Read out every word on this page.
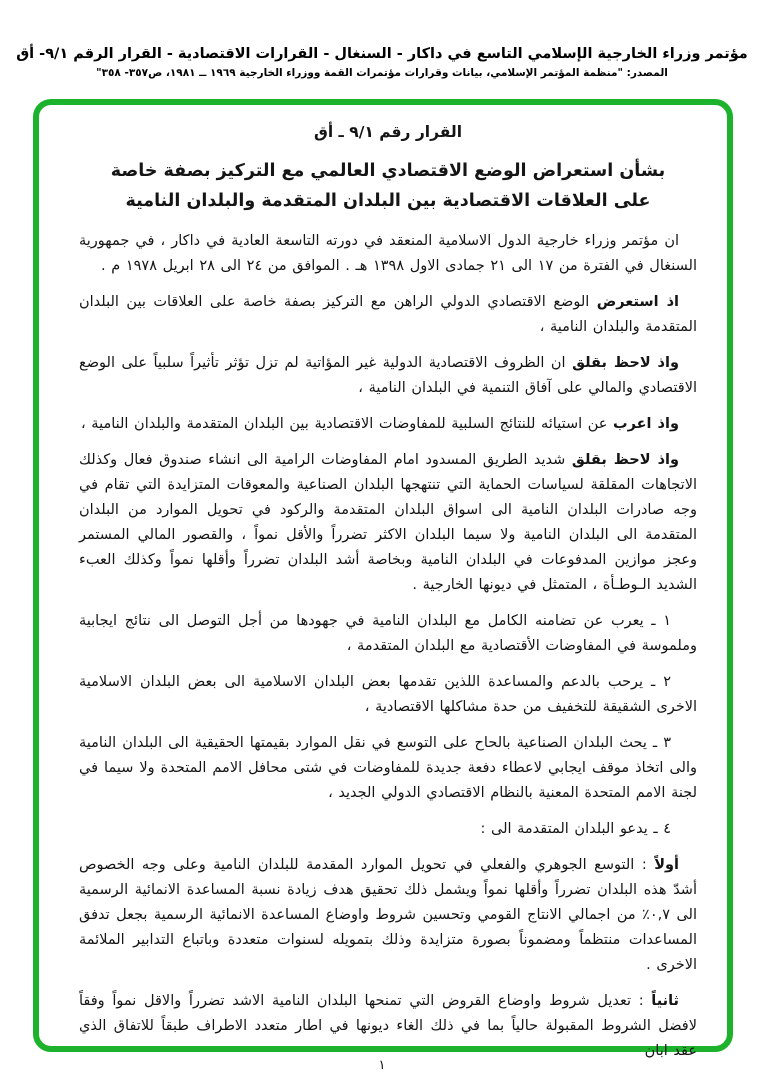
مؤتمر وزراء الخارجية الإسلامي التاسع في داكار - السنغال - القرارات الاقتصادية - القرار الرقم ٩/١- أق
المصدر: "منظمة المؤتمر الإسلامي، بيانات وقرارات مؤتمرات القمة ووزراء الخارجية ١٩٦٩ ــ ١٩٨١، ص٣٥٧- ٣٥٨"
القرار رقم ٩/١ ـ أق
بشأن استعراض الوضع الاقتصادي العالمي مع التركيز بصفة خاصة
على العلاقات الاقتصادية بين البلدان المتقدمة والبلدان النامية

ان مؤتمر وزراء خارجية الدول الاسلامية المنعقد في دورته التاسعة العادية في داكار ، في جمهورية السنغال في الفترة من ١٧ الى ٢١ جمادى الاول ١٣٩٨ هـ . الموافق من ٢٤ الى ٢٨ ابريل ١٩٧٨ م .

اذ استعرض الوضع الاقتصادي الدولي الراهن مع التركيز بصفة خاصة على العلاقات بين البلدان المتقدمة والبلدان النامية ،

واذ لاحظ بقلق ان الظروف الاقتصادية الدولية غير المؤاتية لم تزل تؤثر تأثيراً سلبياً على الوضع الاقتصادي والمالي على آفاق التنمية في البلدان النامية ،

واذ اعرب عن استيائه للنتائج السلبية للمفاوضات الاقتصادية بين البلدان المتقدمة والبلدان النامية ،

واذ لاحظ بقلق شديد الطريق المسدود امام المفاوضات الرامية الى انشاء صندوق فعال وكذلك الاتجاهات المقلقة لسياسات الحماية التي تنتهجها البلدان الصناعية والمعوقات المتزايدة التي تقام في وجه صادرات البلدان النامية الى اسواق البلدان المتقدمة والركود في تحويل الموارد من البلدان المتقدمة الى البلدان النامية ولا سيما البلدان الاكثر تضرراً والأقل نمواً ، والقصور المالي المستمر وعجز موازين المدفوعات في البلدان النامية وبخاصة أشد البلدان تضرراً وأقلها نمواً وكذلك العبء الشديد الـوطـأة ، المتمثل في ديونها الخارجية .

١ ـ يعرب عن تضامنه الكامل مع البلدان النامية في جهودها من أجل التوصل الى نتائج ايجابية وملموسة في المفاوضات الأقتصادية مع البلدان المتقدمة ،

٢ ـ يرحب بالدعم والمساعدة اللذين تقدمها بعض البلدان الاسلامية الى بعض البلدان الاسلامية الاخرى الشقيقة للتخفيف من حدة مشاكلها الاقتصادية ،

٣ ـ يحث البلدان الصناعية بالحاح على التوسع في نقل الموارد بقيمتها الحقيقية الى البلدان النامية والى اتخاذ موقف ايجابي لاعطاء دفعة جديدة للمفاوضات في شتى محافل الامم المتحدة ولا سيما في لجنة الامم المتحدة المعنية بالنظام الاقتصادي الدولي الجديد ،

٤ ـ يدعو البلدان المتقدمة الى :

أولاً : التوسع الجوهري والفعلي في تحويل الموارد المقدمة للبلدان النامية وعلى وجه الخصوص أشدّ هذه البلدان تضرراً وأقلها نمواً ويشمل ذلك تحقيق هدف زيادة نسبة المساعدة الانمائية الرسمية الى ٠,٧٪ من اجمالي الانتاج القومي وتحسين شروط واوضاع المساعدة الانمائية الرسمية بجعل تدفق المساعدات منتظماً ومضموناً بصورة متزايدة وذلك بتمويله لسنوات متعددة وباتباع التدابير الملائمة الاخرى .

ثانياً : تعديل شروط واوضاع القروض التي تمنحها البلدان النامية الاشد تضرراً والاقل نمواً وفقاً لافضل الشروط المقبولة حالياً بما في ذلك الغاء ديونها في اطار متعدد الاطراف طبقاً للاتفاق الذي عقد ابان

١
